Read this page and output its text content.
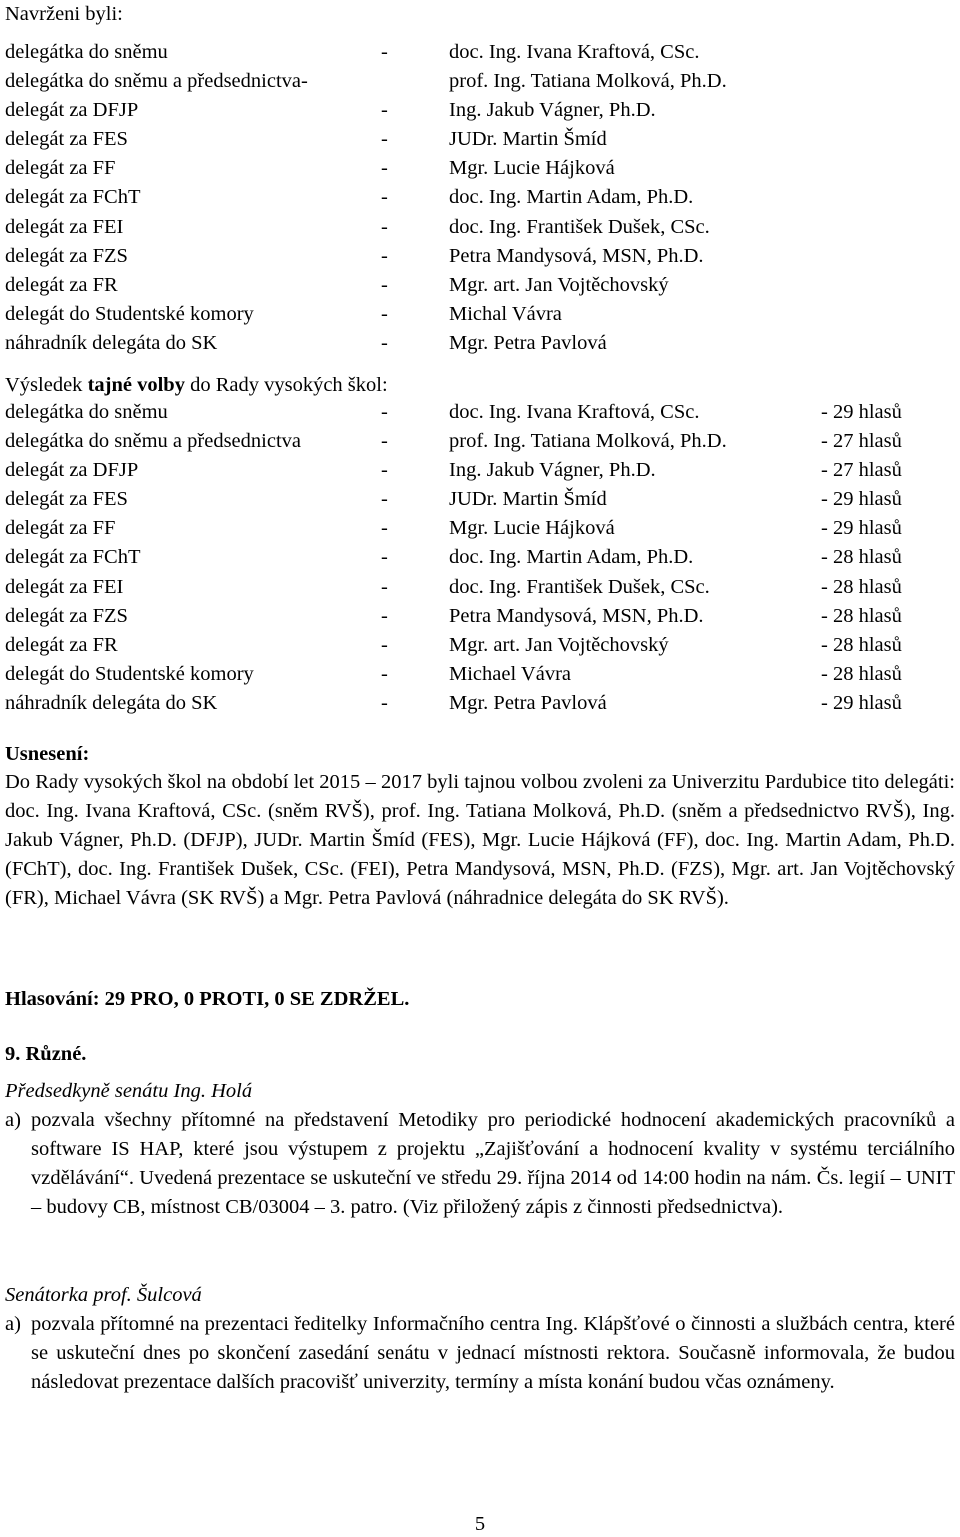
Navrženi byli:
delegátka do sněmu	-	doc. Ing. Ivana Kraftová, CSc.
delegátka do sněmu a předsednictva-	prof. Ing. Tatiana Molková, Ph.D.
delegát za DFJP	-	Ing. Jakub Vágner, Ph.D.
delegát za FES	-	JUDr. Martin Šmíd
delegát za FF	-	Mgr. Lucie Hájková
delegát za FChT	-	doc. Ing. Martin Adam, Ph.D.
delegát za FEI	-	doc. Ing. František Dušek, CSc.
delegát za FZS	-	Petra Mandysová, MSN, Ph.D.
delegát za FR	-	Mgr. art. Jan Vojtěchovský
delegát do Studentské komory	-	Michal Vávra
náhradník delegáta do SK	-	Mgr. Petra Pavlová
Výsledek tajné volby do Rady vysokých škol:
delegátka do sněmu	-	doc. Ing. Ivana Kraftová, CSc.	- 29 hlasů
delegátka do sněmu a předsednictva	-	prof. Ing. Tatiana Molková, Ph.D.	- 27 hlasů
delegát za DFJP	-	Ing. Jakub Vágner, Ph.D.	- 27 hlasů
delegát za FES	-	JUDr. Martin Šmíd	- 29 hlasů
delegát za FF	-	Mgr. Lucie Hájková	- 29 hlasů
delegát za FChT	-	doc. Ing. Martin Adam, Ph.D.	- 28 hlasů
delegát za FEI	-	doc. Ing. František Dušek, CSc.	- 28 hlasů
delegát za FZS	-	Petra Mandysová, MSN, Ph.D.	- 28 hlasů
delegát za FR	-	Mgr. art. Jan Vojtěchovský	- 28 hlasů
delegát do Studentské komory	-	Michael Vávra	- 28 hlasů
náhradník delegáta do SK	-	Mgr. Petra Pavlová	- 29 hlasů
Usnesení:
Do Rady vysokých škol na období let 2015 – 2017 byli tajnou volbou zvoleni za Univerzitu Pardubice tito delegáti: doc. Ing. Ivana Kraftová, CSc. (sněm RVŠ), prof. Ing. Tatiana Molková, Ph.D. (sněm a předsednictvo RVŠ), Ing. Jakub Vágner, Ph.D. (DFJP), JUDr. Martin Šmíd (FES), Mgr. Lucie Hájková (FF), doc. Ing. Martin Adam, Ph.D. (FChT), doc. Ing. František Dušek, CSc. (FEI), Petra Mandysová, MSN, Ph.D. (FZS), Mgr. art. Jan Vojtěchovský (FR), Michael Vávra (SK RVŠ) a Mgr. Petra Pavlová (náhradnice delegáta do SK RVŠ).
Hlasování: 29 PRO, 0 PROTI, 0 SE ZDRŽEL.
9. Různé.
Předsedkyně senátu Ing. Holá
a) pozvala všechny přítomné na představení Metodiky pro periodické hodnocení akademických pracovníků a software IS HAP, které jsou výstupem z projektu „Zajišťování a hodnocení kvality v systému terciálního vzdělávání“. Uvedená prezentace se uskuteční ve středu 29. října 2014 od 14:00 hodin na nám. Čs. legií – UNIT – budovy CB, místnost CB/03004 – 3. patro. (Viz přiložený zápis z činnosti předsednictva).
Senátorka prof. Šulcová
a) pozvala přítomné na prezentaci ředitelky Informačního centra Ing. Klápšťové o činnosti a službách centra, které se uskuteční dnes po skončení zasedání senátu v jednací místnosti rektora. Současně informovala, že budou následovat prezentace dalších pracovišť univerzity, termíny a místa konání budou včas oznámeny.
5
